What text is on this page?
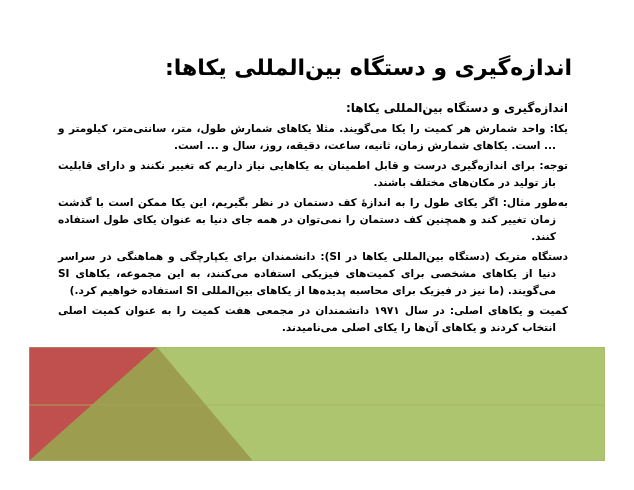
اندازه‌گیری و دستگاه بین‌المللی یکاها:
اندازه‌گیری و دستگاه بین‌المللی یکاها:

یکا: واحد شمارش هر کمیت را یکا می‌گویند. مثلا یکاهای شمارش طول، متر، سانتی‌متر، کیلومتر و ... است. یکاهای شمارش زمان، ثانیه، ساعت، دقیقه، روز، سال و ... است.

توجه: برای اندازه‌گیری درست و قابل اطمینان به یکاهایی نیاز داریم که تغییر نکنند و دارای قابلیت باز تولید در مکان‌های مختلف باشند.

به‌طور مثال: اگر یکای طول را به اندازهٔ کف دستمان در نظر بگیریم، این یکا ممکن است با گذشت زمان تغییر کند و همچنین کف دستمان را نمی‌توان در همه جای دنیا به عنوان یکای طول استفاده کنند.

دستگاه متریک (دستگاه بین‌المللی یکاها در SI): دانشمندان برای یکپارچگی و هماهنگی در سراسر دنیا از یکاهای مشخصی برای کمیت‌های فیزیکی استفاده می‌کنند، به این مجموعه، یکاهای SI می‌گویند. (ما نیز در فیزیک برای محاسبه پدیده‌ها از یکاهای بین‌المللی SI استفاده خواهیم کرد.)

کمیت و یکاهای اصلی: در سال ۱۹۷۱ دانشمندان در مجمعی هفت کمیت را به عنوان کمیت اصلی انتخاب کردند و یکاهای آن‌ها را یکای اصلی می‌نامیدند.
